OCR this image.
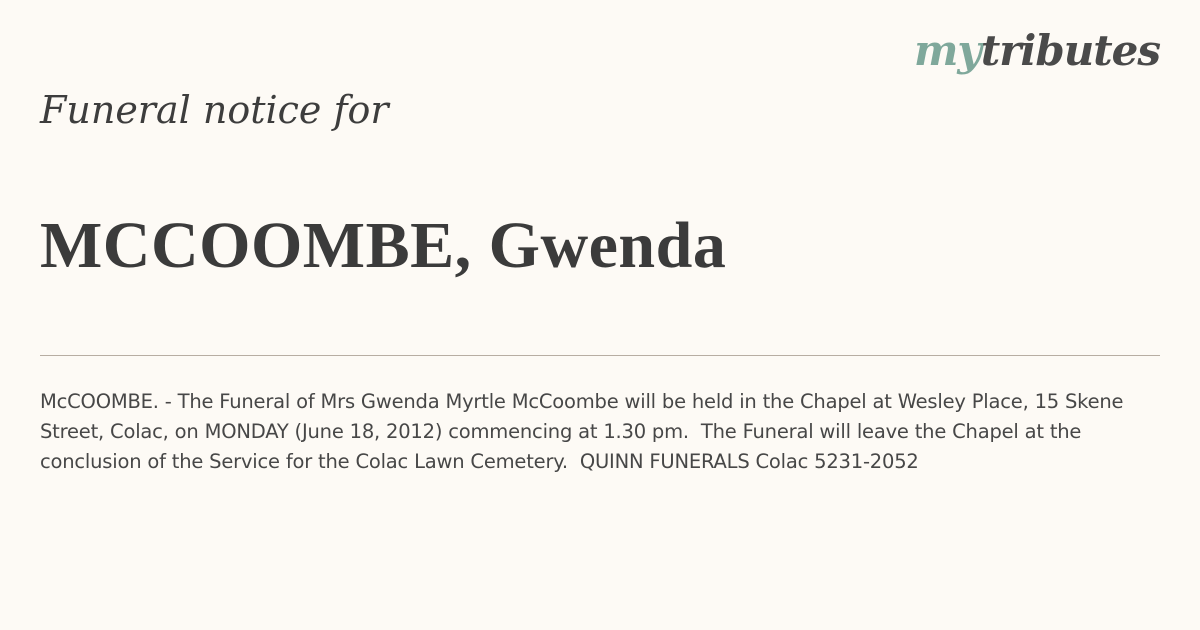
mytributes
Funeral notice for
MCCOOMBE, Gwenda

McCOOMBE. - The Funeral of Mrs Gwenda Myrtle McCoombe will be held in the Chapel at Wesley Place, 15 Skene Street, Colac, on MONDAY (June 18, 2012) commencing at 1.30 pm.  The Funeral will leave the Chapel at the conclusion of the Service for the Colac Lawn Cemetery.  QUINN FUNERALS Colac 5231-2052
